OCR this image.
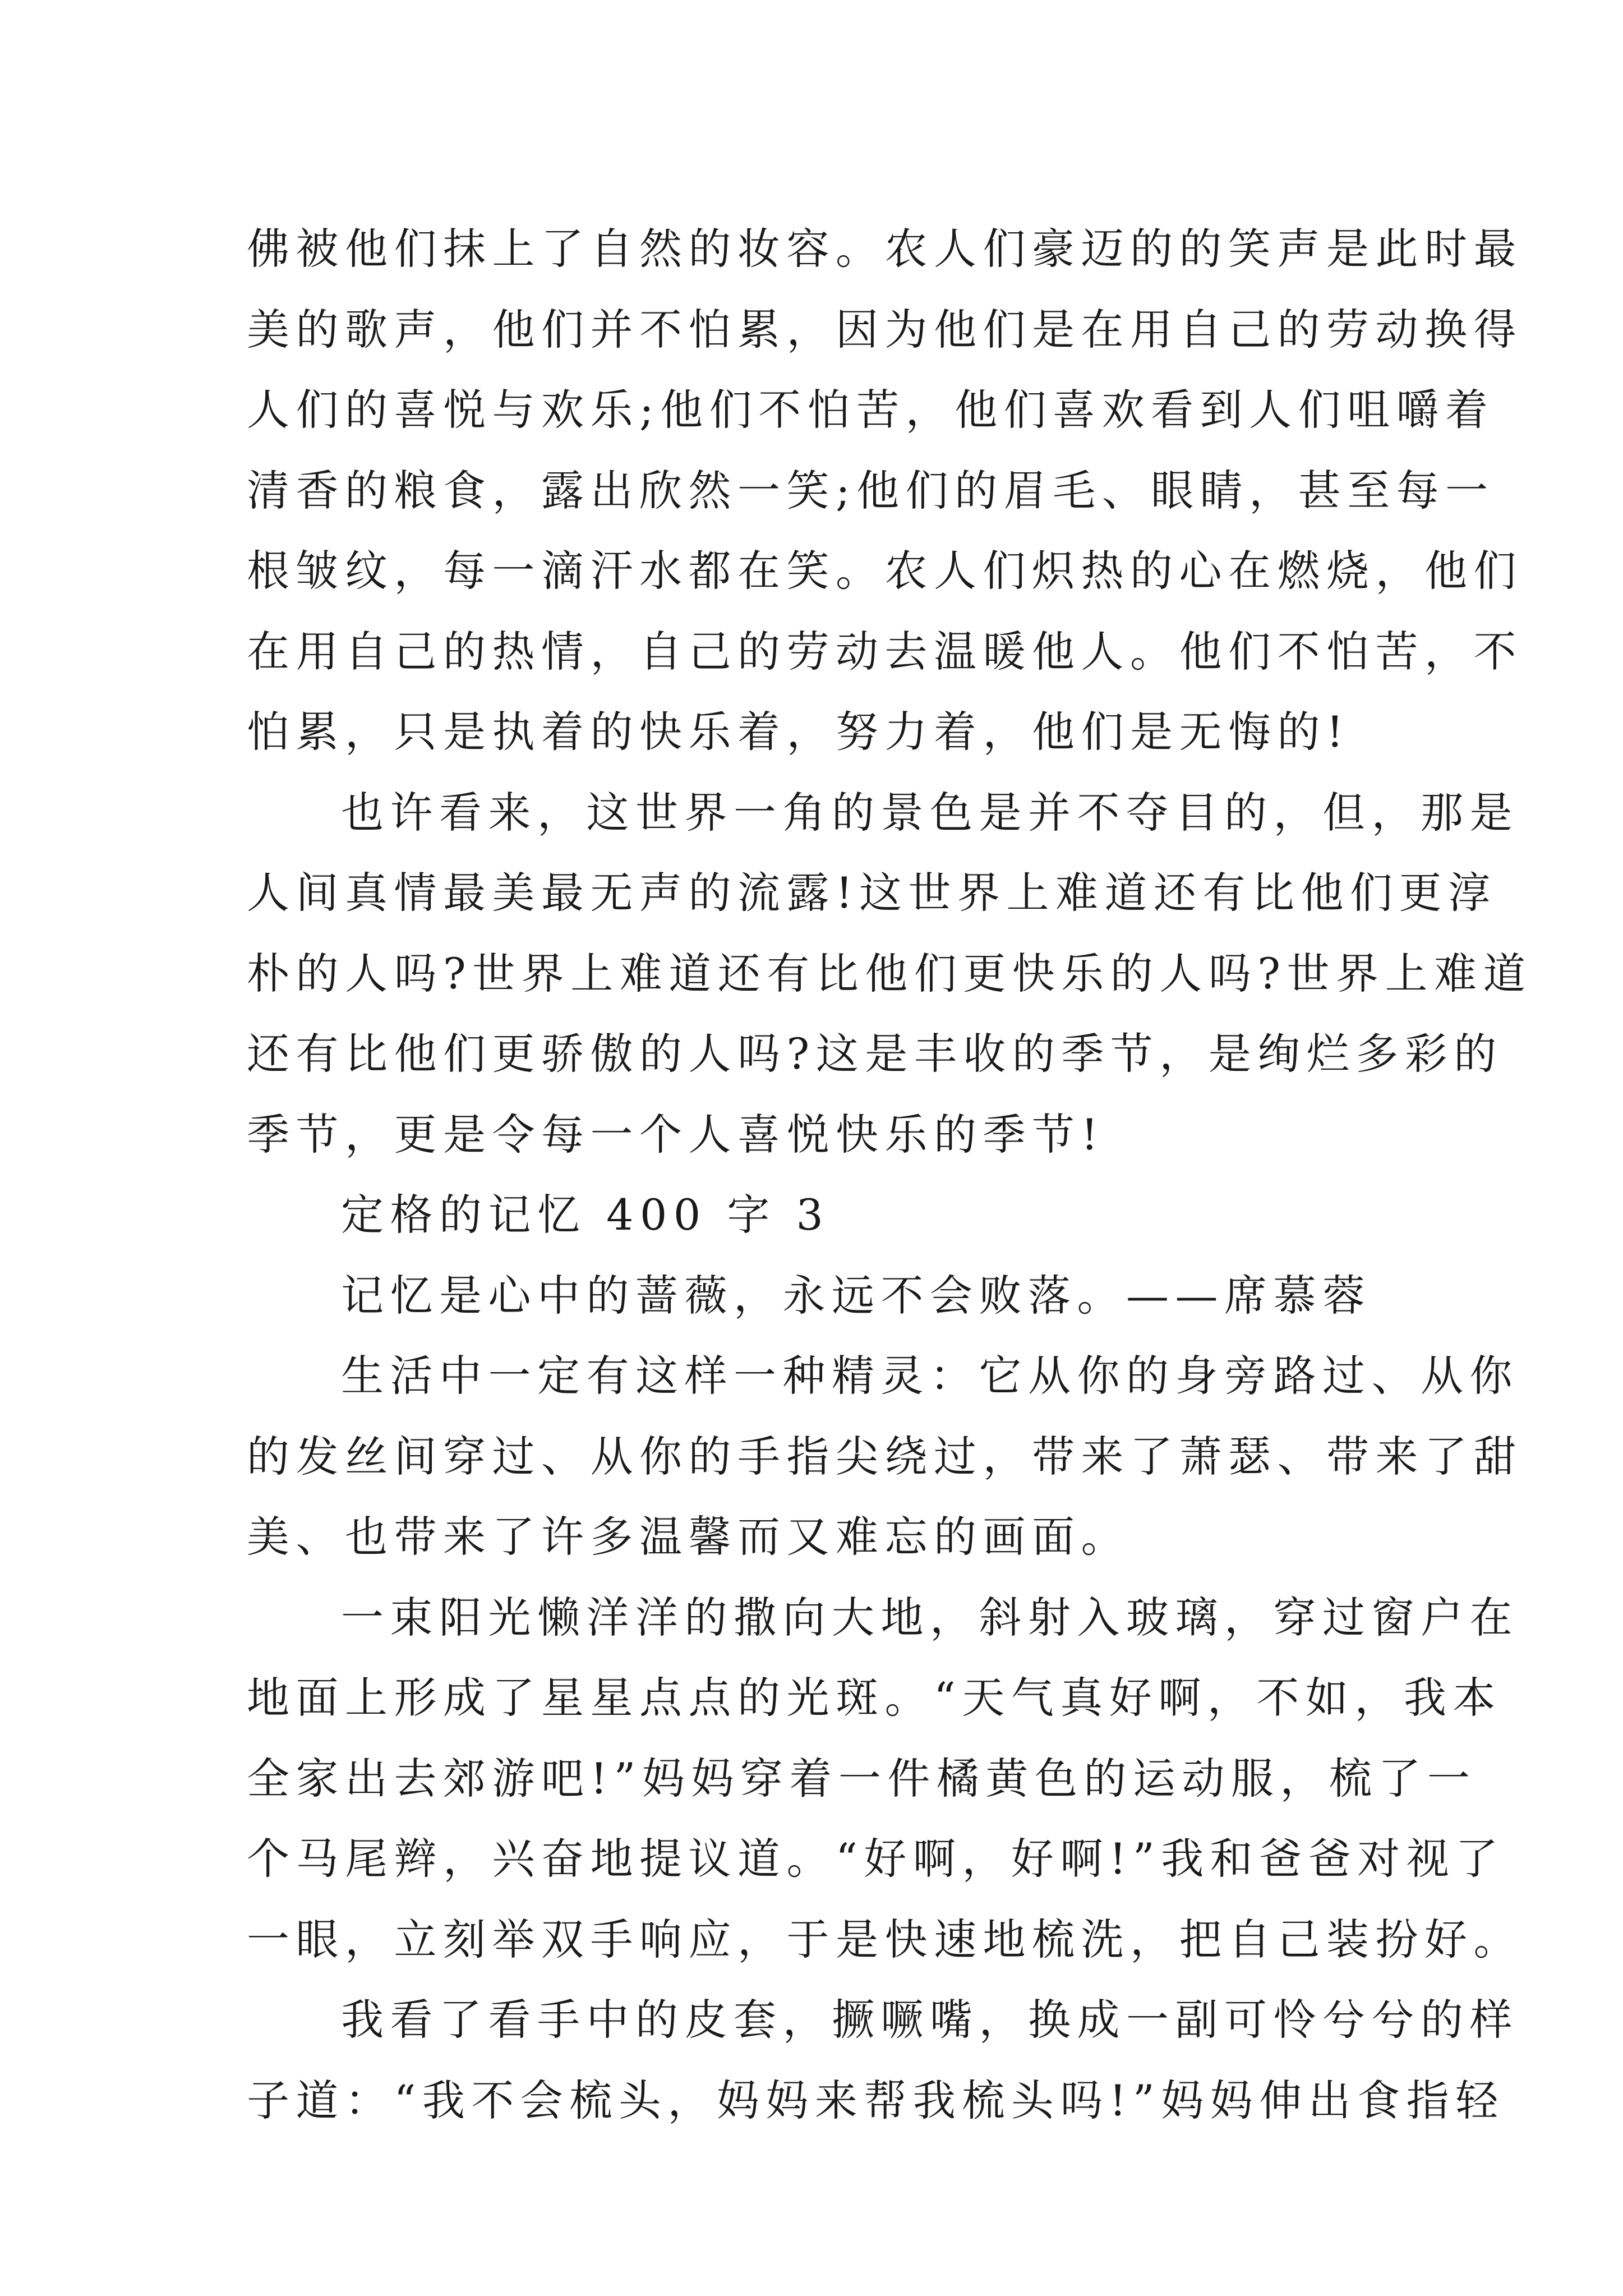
佛被他们抹上了自然的妆容。农人们豪迈的的笑声是此时最
美的歌声，他们并不怕累，因为他们是在用自己的劳动换得
人们的喜悦与欢乐;他们不怕苦，他们喜欢看到人们咀嚼着
清香的粮食，露出欣然一笑;他们的眉毛、眼睛，甚至每一
根皱纹，每一滴汗水都在笑。农人们炽热的心在燃烧，他们
在用自己的热情，自己的劳动去温暖他人。他们不怕苦，不
怕累，只是执着的快乐着，努力着，他们是无悔的!
也许看来，这世界一角的景色是并不夺目的，但，那是
人间真情最美最无声的流露!这世界上难道还有比他们更淳
朴的人吗?世界上难道还有比他们更快乐的人吗?世界上难道
还有比他们更骄傲的人吗?这是丰收的季节，是绚烂多彩的
季节，更是令每一个人喜悦快乐的季节!
定格的记忆 400 字 3
记忆是心中的蔷薇，永远不会败落。——席慕蓉
生活中一定有这样一种精灵：它从你的身旁路过、从你
的发丝间穿过、从你的手指尖绕过，带来了萧瑟、带来了甜
美、也带来了许多温馨而又难忘的画面。
一束阳光懒洋洋的撒向大地，斜射入玻璃，穿过窗户在
地面上形成了星星点点的光斑。“天气真好啊，不如，我本
全家出去郊游吧!”妈妈穿着一件橘黄色的运动服，梳了一
个马尾辫，兴奋地提议道。“好啊，好啊!”我和爸爸对视了
一眼，立刻举双手响应，于是快速地梳洗，把自己装扮好。
我看了看手中的皮套，撅噘嘴，换成一副可怜兮兮的样
子道：“我不会梳头，妈妈来帮我梳头吗!”妈妈伸出食指轻
